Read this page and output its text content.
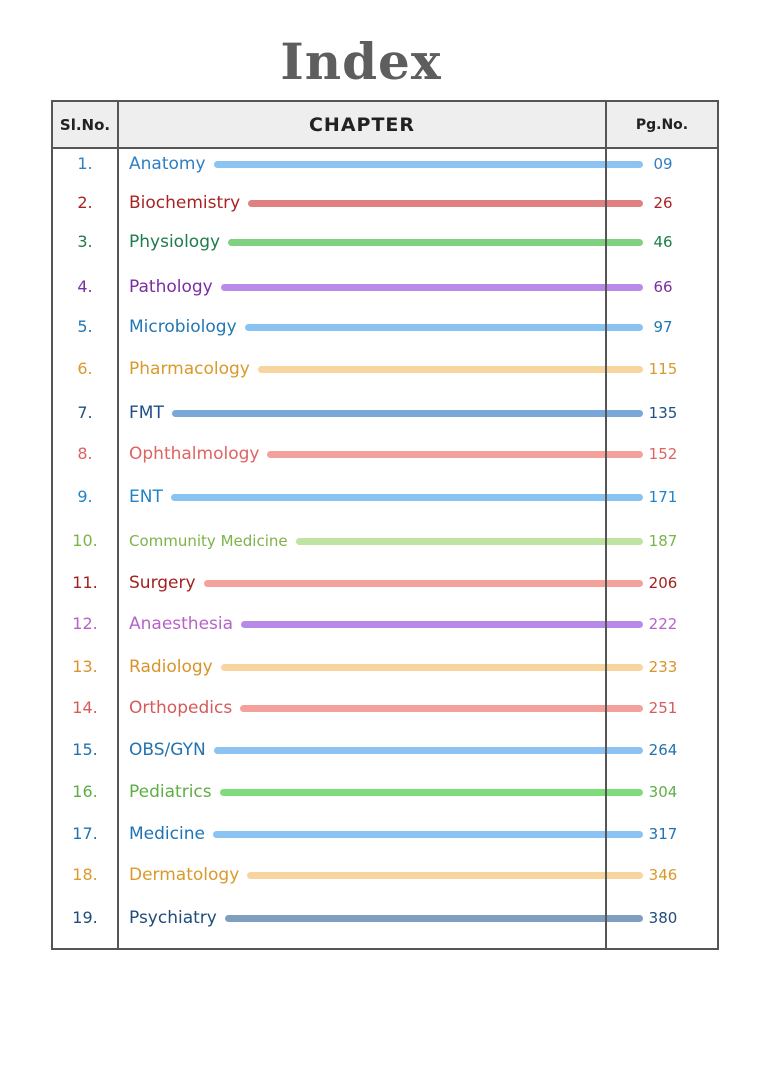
Index
Sl.No.	CHAPTER	Pg.No.
1.	Anatomy	09
2.	Biochemistry	26
3.	Physiology	46
4.	Pathology	66
5.	Microbiology	97
6.	Pharmacology	115
7.	FMT	135
8.	Ophthalmology	152
9.	ENT	171
10.	Community Medicine	187
11.	Surgery	206
12.	Anaesthesia	222
13.	Radiology	233
14.	Orthopedics	251
15.	OBS/GYN	264
16.	Pediatrics	304
17.	Medicine	317
18.	Dermatology	346
19.	Psychiatry	380
